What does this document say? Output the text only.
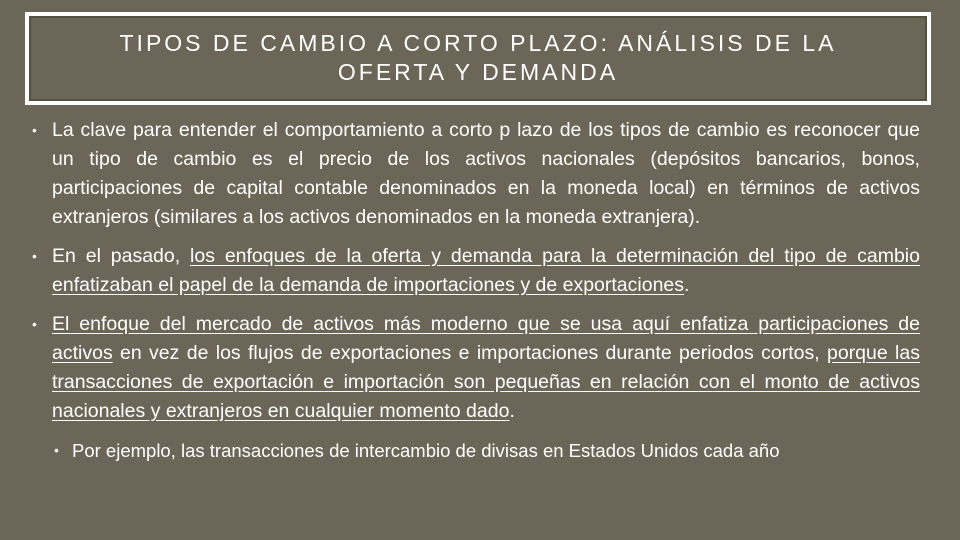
TIPOS DE CAMBIO A CORTO PLAZO: ANÁLISIS DE LA OFERTA Y DEMANDA

• La clave para entender el comportamiento a corto p lazo de los tipos de cambio es reconocer que un tipo de cambio es el precio de los activos nacionales (depósitos bancarios, bonos, participaciones de capital contable denominados en la moneda local) en términos de activos extranjeros (similares a los activos denominados en la moneda extranjera).

• En el pasado, los enfoques de la oferta y demanda para la determinación del tipo de cambio enfatizaban el papel de la demanda de importaciones y de exportaciones.

• El enfoque del mercado de activos más moderno que se usa aquí enfatiza participaciones de activos en vez de los flujos de exportaciones e importaciones durante periodos cortos, porque las transacciones de exportación e importación son pequeñas en relación con el monto de activos nacionales y extranjeros en cualquier momento dado.

• Por ejemplo, las transacciones de intercambio de divisas en Estados Unidos cada año
